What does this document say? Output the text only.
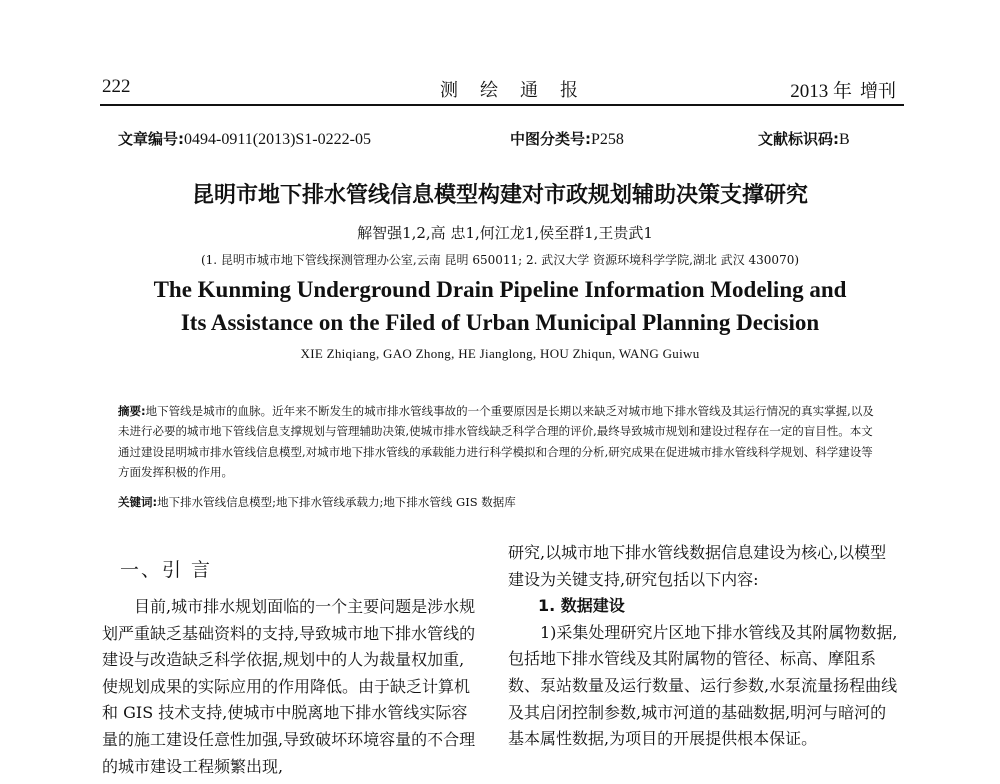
222	测绘通报	2013 年 增刊
文章编号:0494-0911(2013)S1-0222-05	中图分类号:P258	文献标识码:B
昆明市地下排水管线信息模型构建对市政规划辅助决策支撑研究
解智强1,2,高 忠1,何江龙1,侯至群1,王贵武1
(1. 昆明市城市地下管线探测管理办公室,云南 昆明 650011; 2. 武汉大学 资源环境科学学院,湖北 武汉 430070)
The Kunming Underground Drain Pipeline Information Modeling and
Its Assistance on the Filed of Urban Municipal Planning Decision
XIE Zhiqiang, GAO Zhong, HE Jianglong, HOU Zhiqun, WANG Guiwu
摘要:地下管线是城市的血脉。近年来不断发生的城市排水管线事故的一个重要原因是长期以来缺乏对城市地下排水管线及其运行情况的真实掌握,以及未进行必要的城市地下管线信息支撑规划与管理辅助决策,使城市排水管线缺乏科学合理的评价,最终导致城市规划和建设过程存在一定的盲目性。本文通过建设昆明城市排水管线信息模型,对城市地下排水管线的承载能力进行科学模拟和合理的分析,研究成果在促进城市排水管线科学规划、科学建设等方面发挥积极的作用。
关键词:地下排水管线信息模型;地下排水管线承载力;地下排水管线 GIS 数据库
一、引 言

目前,城市排水规划面临的一个主要问题是涉水规划严重缺乏基础资料的支持,导致城市地下排水管线的建设与改造缺乏科学依据,规划中的人为裁量权加重,使规划成果的实际应用的作用降低。由于缺乏计算机和 GIS 技术支持,使城市中脱离地下排水管线实际容量的施工建设任意性加强,导致破坏环境容量的不合理的城市建设工程频繁出现,

研究,以城市地下排水管线数据信息建设为核心,以模型建设为关键支持,研究包括以下内容:

1. 数据建设

1)采集处理研究片区地下排水管线及其附属物数据,包括地下排水管线及其附属物的管径、标高、摩阻系数、泵站数量及运行数量、运行参数,水泵流量扬程曲线及其启闭控制参数,城市河道的基础数据,明河与暗河的基本属性数据,为项目的开展提供根本保证。
